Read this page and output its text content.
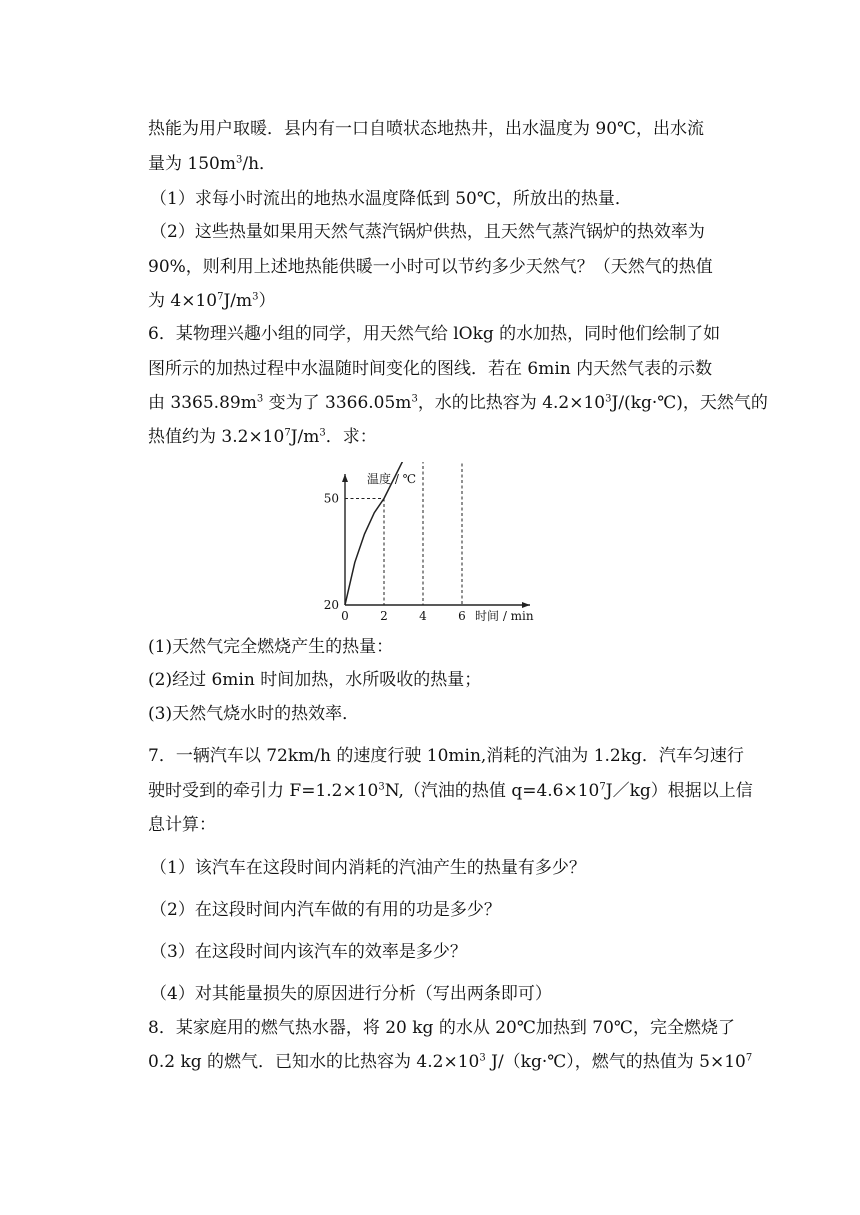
热能为用户取暖．县内有一口自喷状态地热井，出水温度为 90℃，出水流
量为 $150m^3/h$．
（1）求每小时流出的地热水温度降低到 50℃，所放出的热量．
（2）这些热量如果用天然气蒸汽锅炉供热，且天然气蒸汽锅炉的热效率为
90%，则利用上述地热能供暖一小时可以节约多少天然气？（天然气的热值
为 $4\times 10^7J/m^3$）
6．某物理兴趣小组的同学，用天然气给 lOkg 的水加热，同时他们绘制了如
图所示的加热过程中水温随时间变化的图线．若在 6min 内天然气表的示数
由 $3365.89m^3$ 变为了 $3366.05m^3$，水的比热容为 $4.2\times 10^3J/(kg\cdot℃)$，天然气的
热值约为 $3.2\times 10^7J/m^3$．求：
0	2	4	6
20
50
温度 / ℃
时间 / min
(1)天然气完全燃烧产生的热量：
(2)经过 6min 时间加热，水所吸收的热量；
(3)天然气烧水时的热效率．
7．一辆汽车以 72km/h 的速度行驶 10min,消耗的汽油为 1.2kg．汽车匀速行
驶时受到的牵引力 $F=1.2\times 10^3N$,（汽油的热值 $q=4.6\times 10^7J/kg$）根据以上信
息计算：
（1）该汽车在这段时间内消耗的汽油产生的热量有多少？
（2）在这段时间内汽车做的有用的功是多少？
（3）在这段时间内该汽车的效率是多少？
（4）对其能量损失的原因进行分析（写出两条即可）
8．某家庭用的燃气热水器，将 20 kg 的水从 20℃加热到 70℃，完全燃烧了
0.2 kg 的燃气．已知水的比热容为 $4.2\times 10^3$ J/（kg·℃），燃气的热值为 $5\times 10^7$
